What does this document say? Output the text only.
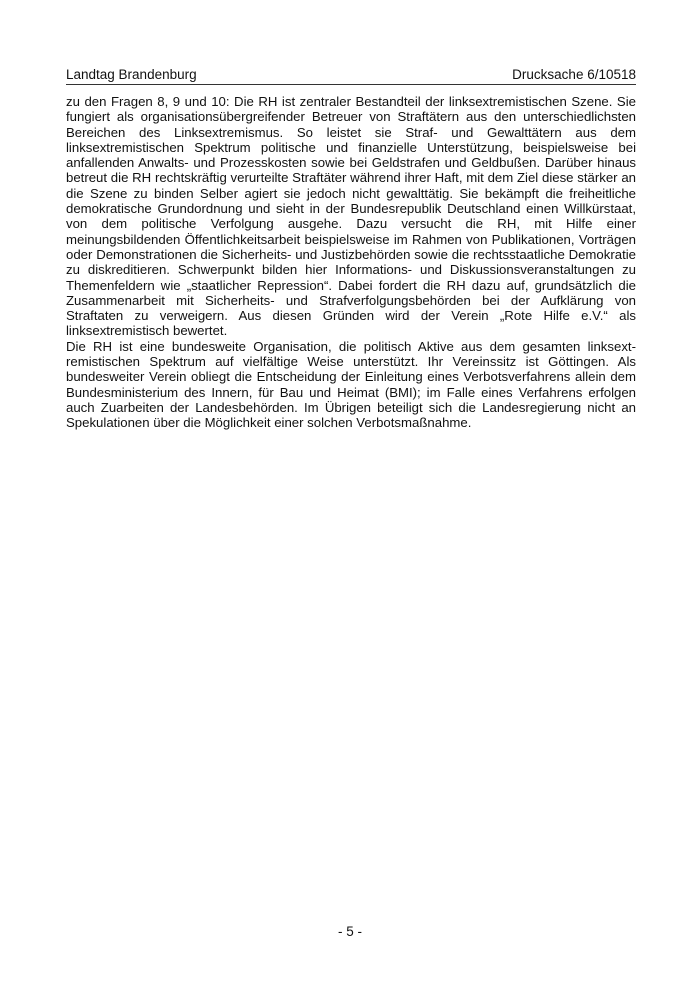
Landtag Brandenburg	Drucksache 6/10518

zu den Fragen 8, 9 und 10: Die RH ist zentraler Bestandteil der linksextremistischen Szene. Sie fungiert als organisationsübergreifender Betreuer von Straftätern aus den unterschiedlichsten Bereichen des Linksextremismus. So leistet sie Straf- und Gewalttätern aus dem linksextremistischen Spektrum politische und finanzielle Unterstützung, beispielsweise bei anfallenden Anwalts- und Prozesskosten sowie bei Geldstrafen und Geldbußen. Darüber hinaus betreut die RH rechtskräftig verurteilte Straftäter während ihrer Haft, mit dem Ziel diese stärker an die Szene zu binden Selber agiert sie jedoch nicht gewalttätig. Sie bekämpft die freiheitliche demokratische Grundordnung und sieht in der Bundesrepublik Deutschland einen Willkürstaat, von dem politische Verfolgung ausgehe. Dazu versucht die RH, mit Hilfe einer meinungsbildenden Öffentlichkeitsarbeit beispielsweise im Rahmen von Publikationen, Vorträgen oder Demonstrationen die Sicherheits- und Justizbehörden sowie die rechtsstaatliche Demokratie zu diskreditieren. Schwerpunkt bilden hier Informations- und Diskussionsveranstaltungen zu Themenfeldern wie „staatlicher Repression“. Dabei fordert die RH dazu auf, grundsätzlich die Zusammenarbeit mit Sicherheits- und Strafverfolgungsbehörden bei der Aufklärung von Straftaten zu verweigern. Aus diesen Gründen wird der Verein „Rote Hilfe e.V.“ als linksextremistisch bewertet.

Die RH ist eine bundesweite Organisation, die politisch Aktive aus dem gesamten linksextremistischen Spektrum auf vielfältige Weise unterstützt. Ihr Vereinssitz ist Göttingen. Als bundesweiter Verein obliegt die Entscheidung der Einleitung eines Verbotsverfahrens allein dem Bundesministerium des Innern, für Bau und Heimat (BMI); im Falle eines Verfahrens erfolgen auch Zuarbeiten der Landesbehörden. Im Übrigen beteiligt sich die Landesregierung nicht an Spekulationen über die Möglichkeit einer solchen Verbotsmaßnahme.

- 5 -
